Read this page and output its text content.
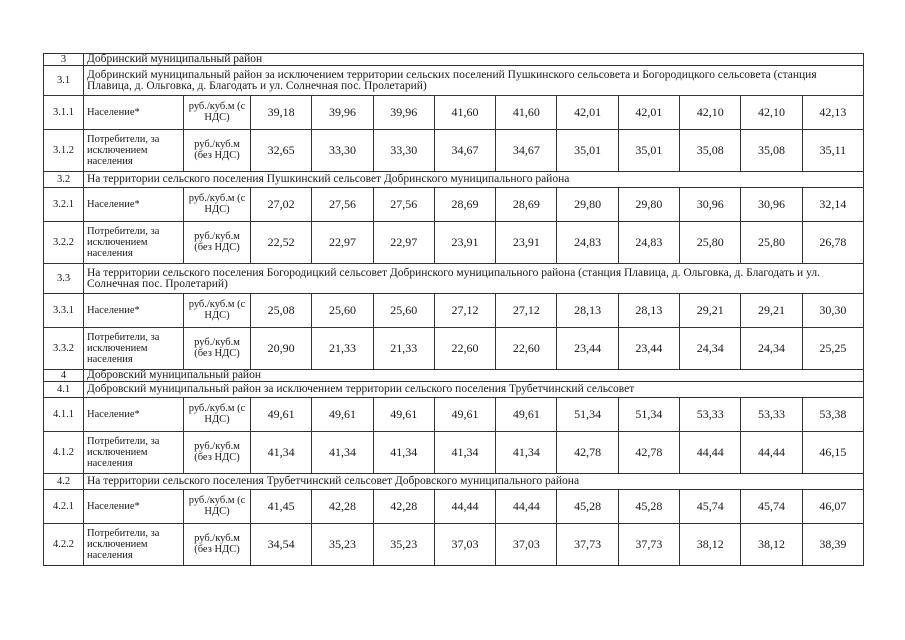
3	Добринский муниципальный район											
3.1	Добринский муниципальный район за исключением территории сельских поселений Пушкинского сельсовета и Богородицкого сельсовета (станция Плавица, д. Ольговка, д. Благодать и ул. Солнечная пос. Пролетарий)											
3.1.1	Население*	руб./куб.м (с НДС)	39,18	39,96	39,96	41,60	41,60	42,01	42,01	42,10	42,10	42,13
3.1.2	Потребители, за исключением населения	руб./куб.м (без НДС)	32,65	33,30	33,30	34,67	34,67	35,01	35,01	35,08	35,08	35,11
3.2	На территории сельского поселения Пушкинский сельсовет Добринского муниципального района											
3.2.1	Население*	руб./куб.м (с НДС)	27,02	27,56	27,56	28,69	28,69	29,80	29,80	30,96	30,96	32,14
3.2.2	Потребители, за исключением населения	руб./куб.м (без НДС)	22,52	22,97	22,97	23,91	23,91	24,83	24,83	25,80	25,80	26,78
3.3	На территории сельского поселения Богородицкий сельсовет Добринского муниципального района (станция Плавица, д. Ольговка, д. Благодать и ул. Солнечная пос. Пролетарий)											
3.3.1	Население*	руб./куб.м (с НДС)	25,08	25,60	25,60	27,12	27,12	28,13	28,13	29,21	29,21	30,30
3.3.2	Потребители, за исключением населения	руб./куб.м (без НДС)	20,90	21,33	21,33	22,60	22,60	23,44	23,44	24,34	24,34	25,25
4	Добровский муниципальный район											
4.1	Добровский муниципальный район за исключением территории сельского поселения Трубетчинский сельсовет											
4.1.1	Население*	руб./куб.м (с НДС)	49,61	49,61	49,61	49,61	49,61	51,34	51,34	53,33	53,33	53,38
4.1.2	Потребители, за исключением населения	руб./куб.м (без НДС)	41,34	41,34	41,34	41,34	41,34	42,78	42,78	44,44	44,44	46,15
4.2	На территории сельского поселения Трубетчинский сельсовет Добровского муниципального района											
4.2.1	Население*	руб./куб.м (с НДС)	41,45	42,28	42,28	44,44	44,44	45,28	45,28	45,74	45,74	46,07
4.2.2	Потребители, за исключением населения	руб./куб.м (без НДС)	34,54	35,23	35,23	37,03	37,03	37,73	37,73	38,12	38,12	38,39
